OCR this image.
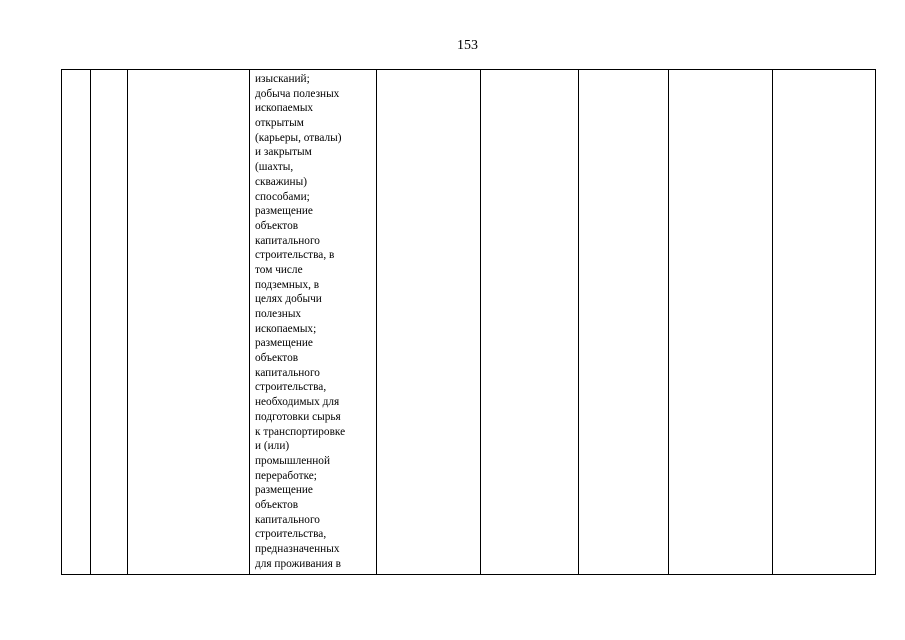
153

изысканий;
добыча полезных
ископаемых
открытым
(карьеры, отвалы)
и закрытым
(шахты,
скважины)
способами;
размещение
объектов
капитального
строительства, в
том числе
подземных, в
целях добычи
полезных
ископаемых;
размещение
объектов
капитального
строительства,
необходимых для
подготовки сырья
к транспортировке
и (или)
промышленной
переработке;
размещение
объектов
капитального
строительства,
предназначенных
для проживания в
